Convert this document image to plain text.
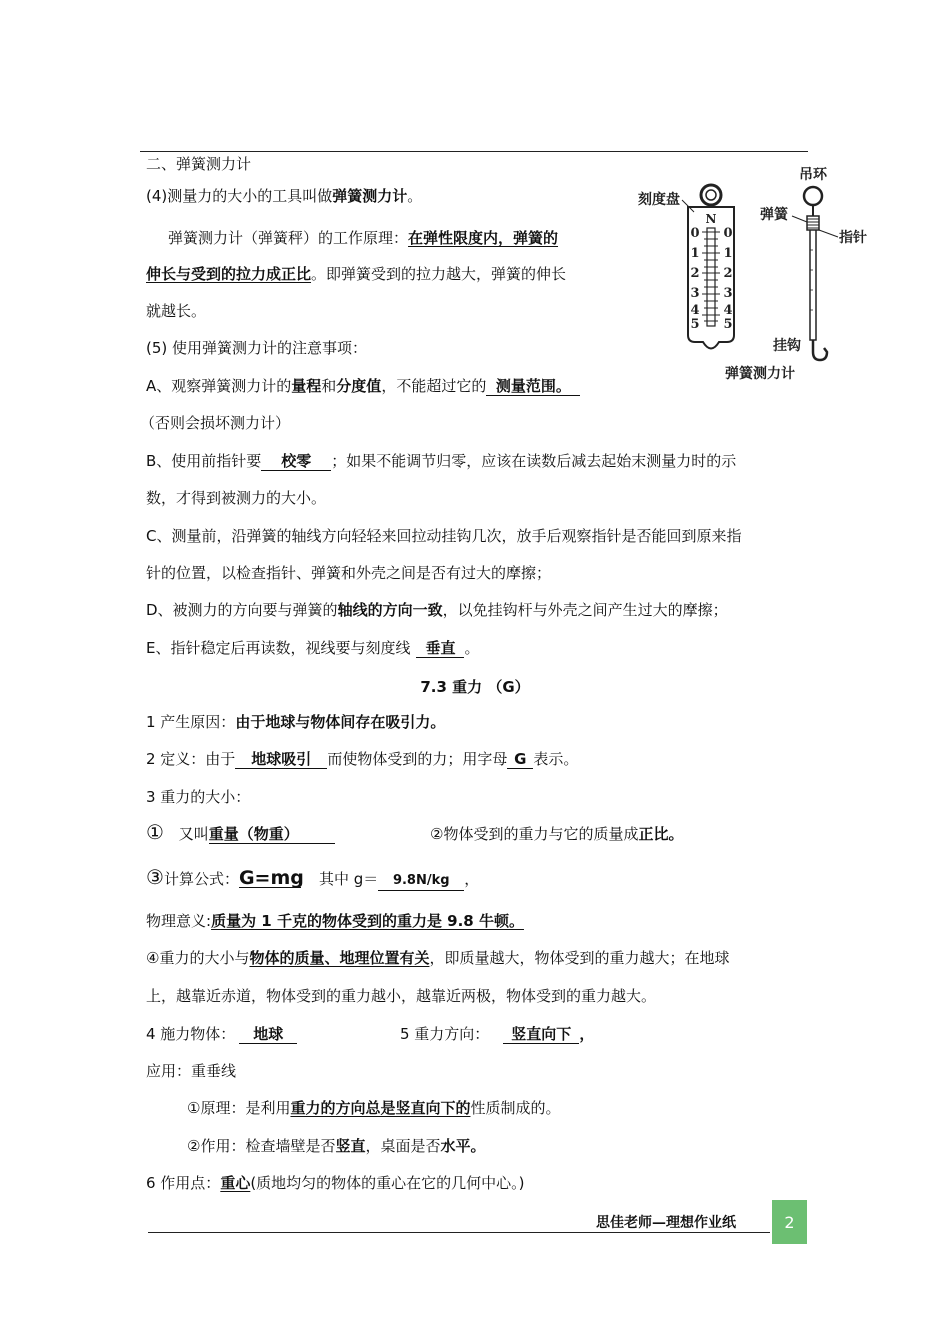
二、弹簧测力计
(4)测量力的大小的工具叫做弹簧测力计。
弹簧测力计（弹簧秤）的工作原理：在弹性限度内，弹簧的
伸长与受到的拉力成正比。即弹簧受到的拉力越大，弹簧的伸长
就越长。
(5) 使用弹簧测力计的注意事项：
A、观察弹簧测力计的量程和分度值，不能超过它的 测量范围。
（否则会损坏测力计）
B、使用前指针要 校零 ；如果不能调节归零，应该在读数后减去起始末测量力时的示
数，才得到被测力的大小。
C、测量前，沿弹簧的轴线方向轻轻来回拉动挂钩几次，放手后观察指针是否能回到原来指
针的位置，以检查指针、弹簧和外壳之间是否有过大的摩擦；
D、被测力的方向要与弹簧的轴线的方向一致，以免挂钩杆与外壳之间产生过大的摩擦；
E、指针稳定后再读数，视线要与刻度线 垂直 。
7.3 重力 （G）
1 产生原因：由于地球与物体间存在吸引力。
2 定义：由于 地球吸引 而使物体受到的力；用字母 G 表示。
3 重力的大小：
① 又叫重量（物重）	②物体受到的重力与它的质量成正比。
③计算公式：G=mg 其中 g＝ 9.8N/kg ，
物理意义:质量为 1 千克的物体受到的重力是 9.8 牛顿。
④重力的大小与物体的质量、地理位置有关，即质量越大，物体受到的重力越大；在地球
上，越靠近赤道，物体受到的重力越小，越靠近两极，物体受到的重力越大。
4 施力物体： 地球	5 重力方向： 竖直向下 ，
应用：重垂线
①原理：是利用重力的方向总是竖直向下的性质制成的。
②作用：检查墙壁是否竖直，桌面是否水平。
6 作用点：重心(质地均匀的物体的重心在它的几何中心。)
N
0
1
2
3
4
5
0
1
2
3
4
5
刻度盘
吊环
弹簧
指针
挂钩
弹簧测力计
思佳老师—理想作业纸	2
